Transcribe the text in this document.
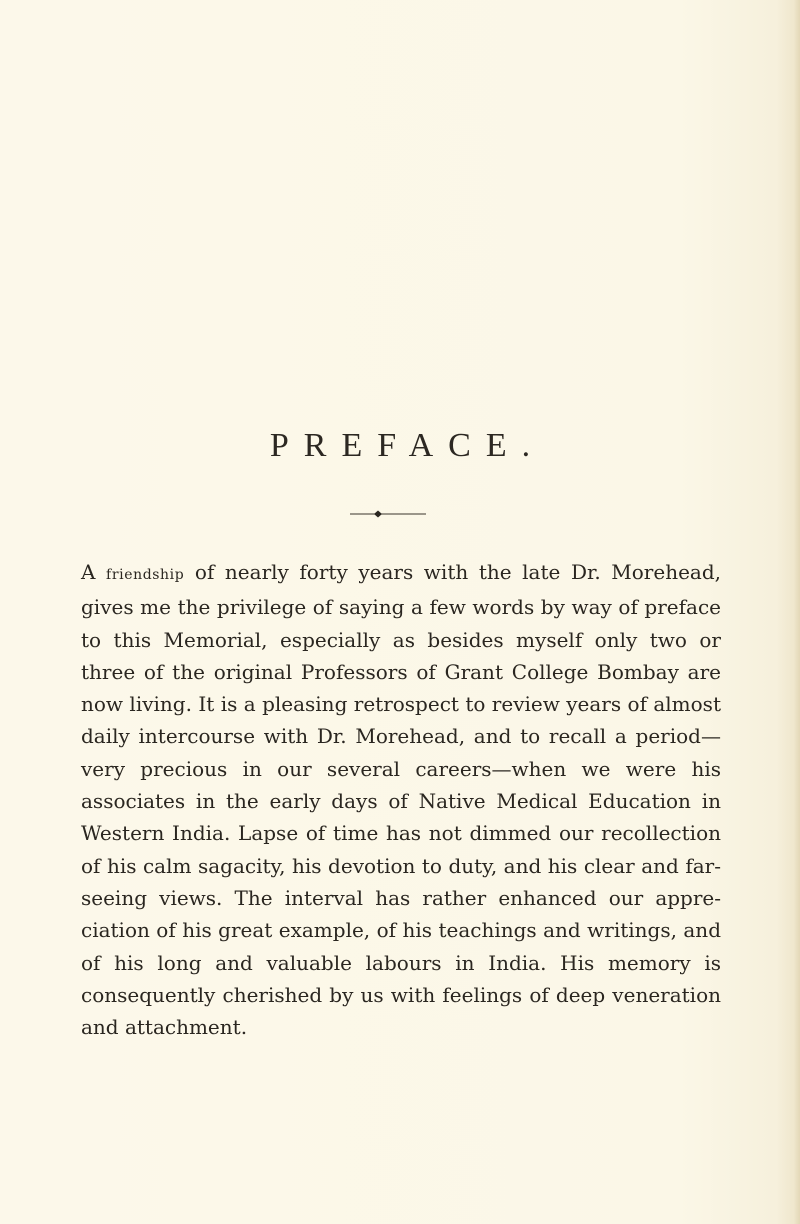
PREFACE.

A friendship of nearly forty years with the late Dr. Morehead, gives me the privilege of saying a few words by way of preface to this Memorial, especially as besides myself only two or three of the original Professors of Grant College Bombay are now living. It is a pleasing retrospect to review years of almost daily intercourse with Dr. Morehead, and to recall a period—very precious in our several careers—when we were his associates in the early days of Native Medical Education in Western India. Lapse of time has not dimmed our recollection of his calm sagacity, his devotion to duty, and his clear and far-seeing views. The interval has rather enhanced our appre- ciation of his great example, of his teachings and writings, and of his long and valuable labours in India. His memory is consequently cherished by us with feelings of deep veneration and attachment.
